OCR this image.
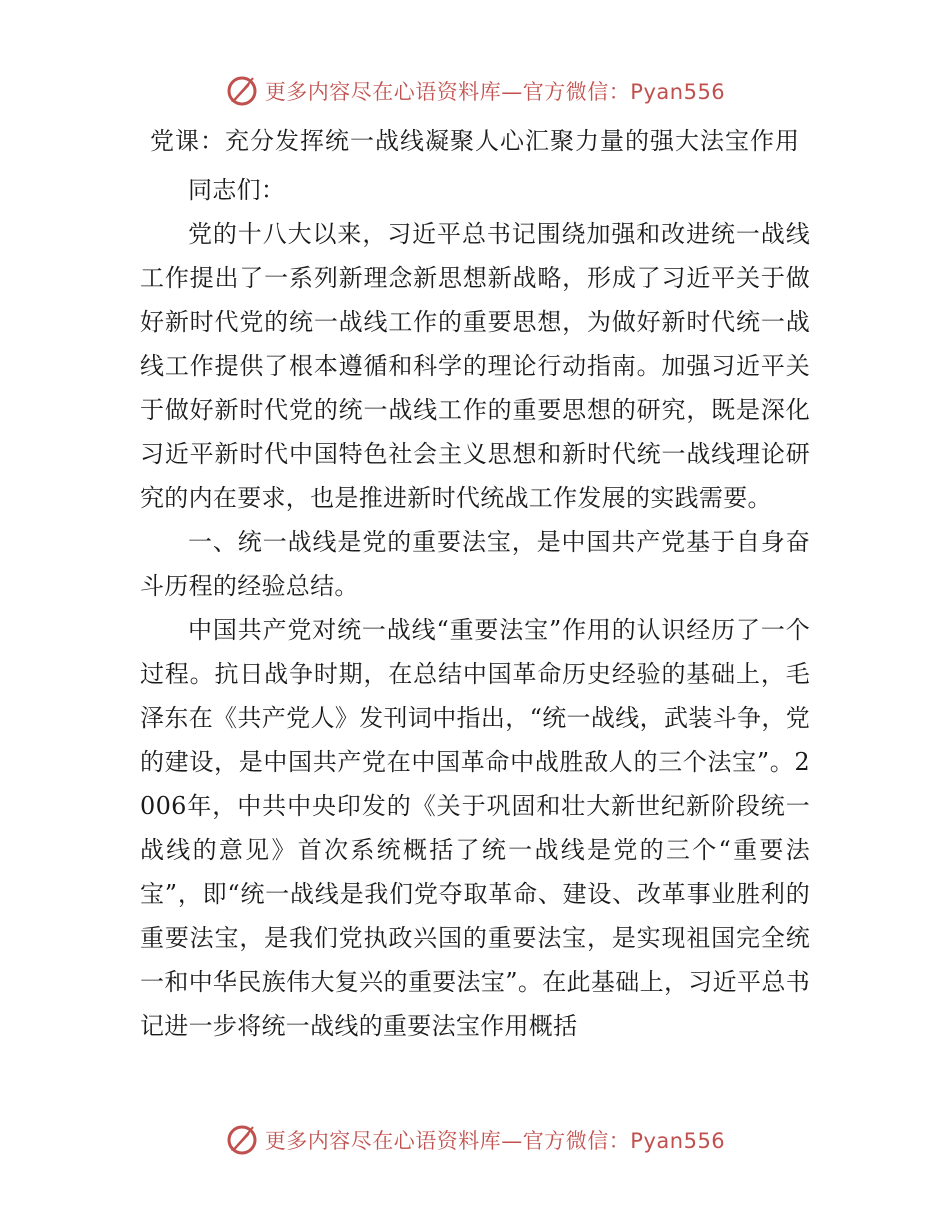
更多内容尽在心语资料库—官方微信：Pyan556
党课：充分发挥统一战线凝聚人心汇聚力量的强大法宝作用

同志们：

党的十八大以来，习近平总书记围绕加强和改进统一战线工作提出了一系列新理念新思想新战略，形成了习近平关于做好新时代党的统一战线工作的重要思想，为做好新时代统一战线工作提供了根本遵循和科学的理论行动指南。加强习近平关于做好新时代党的统一战线工作的重要思想的研究，既是深化习近平新时代中国特色社会主义思想和新时代统一战线理论研究的内在要求，也是推进新时代统战工作发展的实践需要。

一、统一战线是党的重要法宝，是中国共产党基于自身奋斗历程的经验总结。

中国共产党对统一战线“重要法宝”作用的认识经历了一个过程。抗日战争时期，在总结中国革命历史经验的基础上，毛泽东在《共产党人》发刊词中指出，“统一战线，武装斗争，党的建设，是中国共产党在中国革命中战胜敌人的三个法宝”。2006年，中共中央印发的《关于巩固和壮大新世纪新阶段统一战线的意见》首次系统概括了统一战线是党的三个“重要法宝”，即“统一战线是我们党夺取革命、建设、改革事业胜利的重要法宝，是我们党执政兴国的重要法宝，是实现祖国完全统一和中华民族伟大复兴的重要法宝”。在此基础上，习近平总书记进一步将统一战线的重要法宝作用概括

更多内容尽在心语资料库—官方微信：Pyan556
